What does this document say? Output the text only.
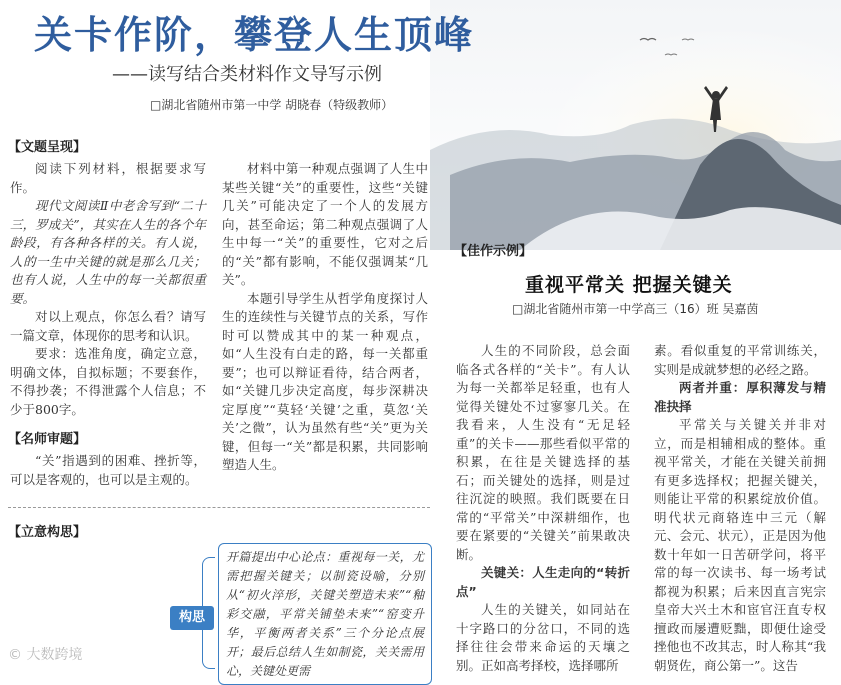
关卡作阶，攀登人生顶峰
——读写结合类材料作文导写示例
□湖北省随州市第一中学 胡晓春（特级教师）
【文题呈现】

阅读下列材料，根据要求写作。

现代文阅读Ⅱ中老舍写到“二十三，罗成关”，其实在人生的各个年龄段，有各种各样的关。有人说，人的一生中关键的就是那么几关；也有人说，人生中的每一关都很重要。

对以上观点，你怎么看？请写一篇文章，体现你的思考和认识。

要求：选准角度，确定立意，明确文体，自拟标题；不要套作，不得抄袭；不得泄露个人信息；不少于800字。

【名师审题】

“关”指遇到的困难、挫折等，可以是客观的，也可以是主观的。

材料中第一种观点强调了人生中某些关键“关”的重要性，这些“关键几关”可能决定了一个人的发展方向，甚至命运；第二种观点强调了人生中每一“关”的重要性，它对之后的“关”都有影响，不能仅强调某“几关”。

本题引导学生从哲学角度探讨人生的连续性与关键节点的关系，写作时可以赞成其中的某一种观点，如“人生没有白走的路，每一关都重要”；也可以辩证看待，结合两者，如“关键几步决定高度，每步深耕决定厚度”“莫轻‘关键’之重，莫忽‘关关’之微”，认为虽然有些“关”更为关键，但每一“关”都是积累，共同影响塑造人生。

【立意构思】
构思
开篇提出中心论点：重视每一关，尤需把握关键关；以制瓷设喻，分别从“初火淬形，关键关塑造未来”“釉彩交融，平常关铺垫未来”“窑变升华，平衡两者关系”三个分论点展开；最后总结人生如制瓷，关关需用心，关键处更需
【佳作示例】
重视平常关 把握关键关
□湖北省随州市第一中学高三（16）班 吴嘉茵

人生的不同阶段，总会面临各式各样的“关卡”。有人认为每一关都举足轻重，也有人觉得关键处不过寥寥几关。在我看来，人生没有“无足轻重”的关卡——那些看似平常的积累，在往是关键选择的基石；而关键处的选择，则是过往沉淀的映照。我们既要在日常的“平常关”中深耕细作，也要在紧要的“关键关”前果敢决断。

关键关：人生走向的“转折点”

人生的关键关，如同站在十字路口的分岔口，不同的选择往往会带来命运的天壤之别。正如高考择校，选择哪所

素。看似重复的平常训练关，实则是成就梦想的必经之路。

两者并重：厚积薄发与精准抉择

平常关与关键关并非对立，而是相辅相成的整体。重视平常关，才能在关键关前拥有更多选择权；把握关键关，则能让平常的积累绽放价值。明代状元商辂连中三元（解元、会元、状元），正是因为他数十年如一日苦研学问，将平常的每一次读书、每一场考试都视为积累；后来因直言宪宗皇帝大兴土木和宦官汪直专权擅政而屡遭贬黜，即便仕途受挫他也不改其志，时人称其“我朝贤佐，商公第一”。这告

© 大数跨境
